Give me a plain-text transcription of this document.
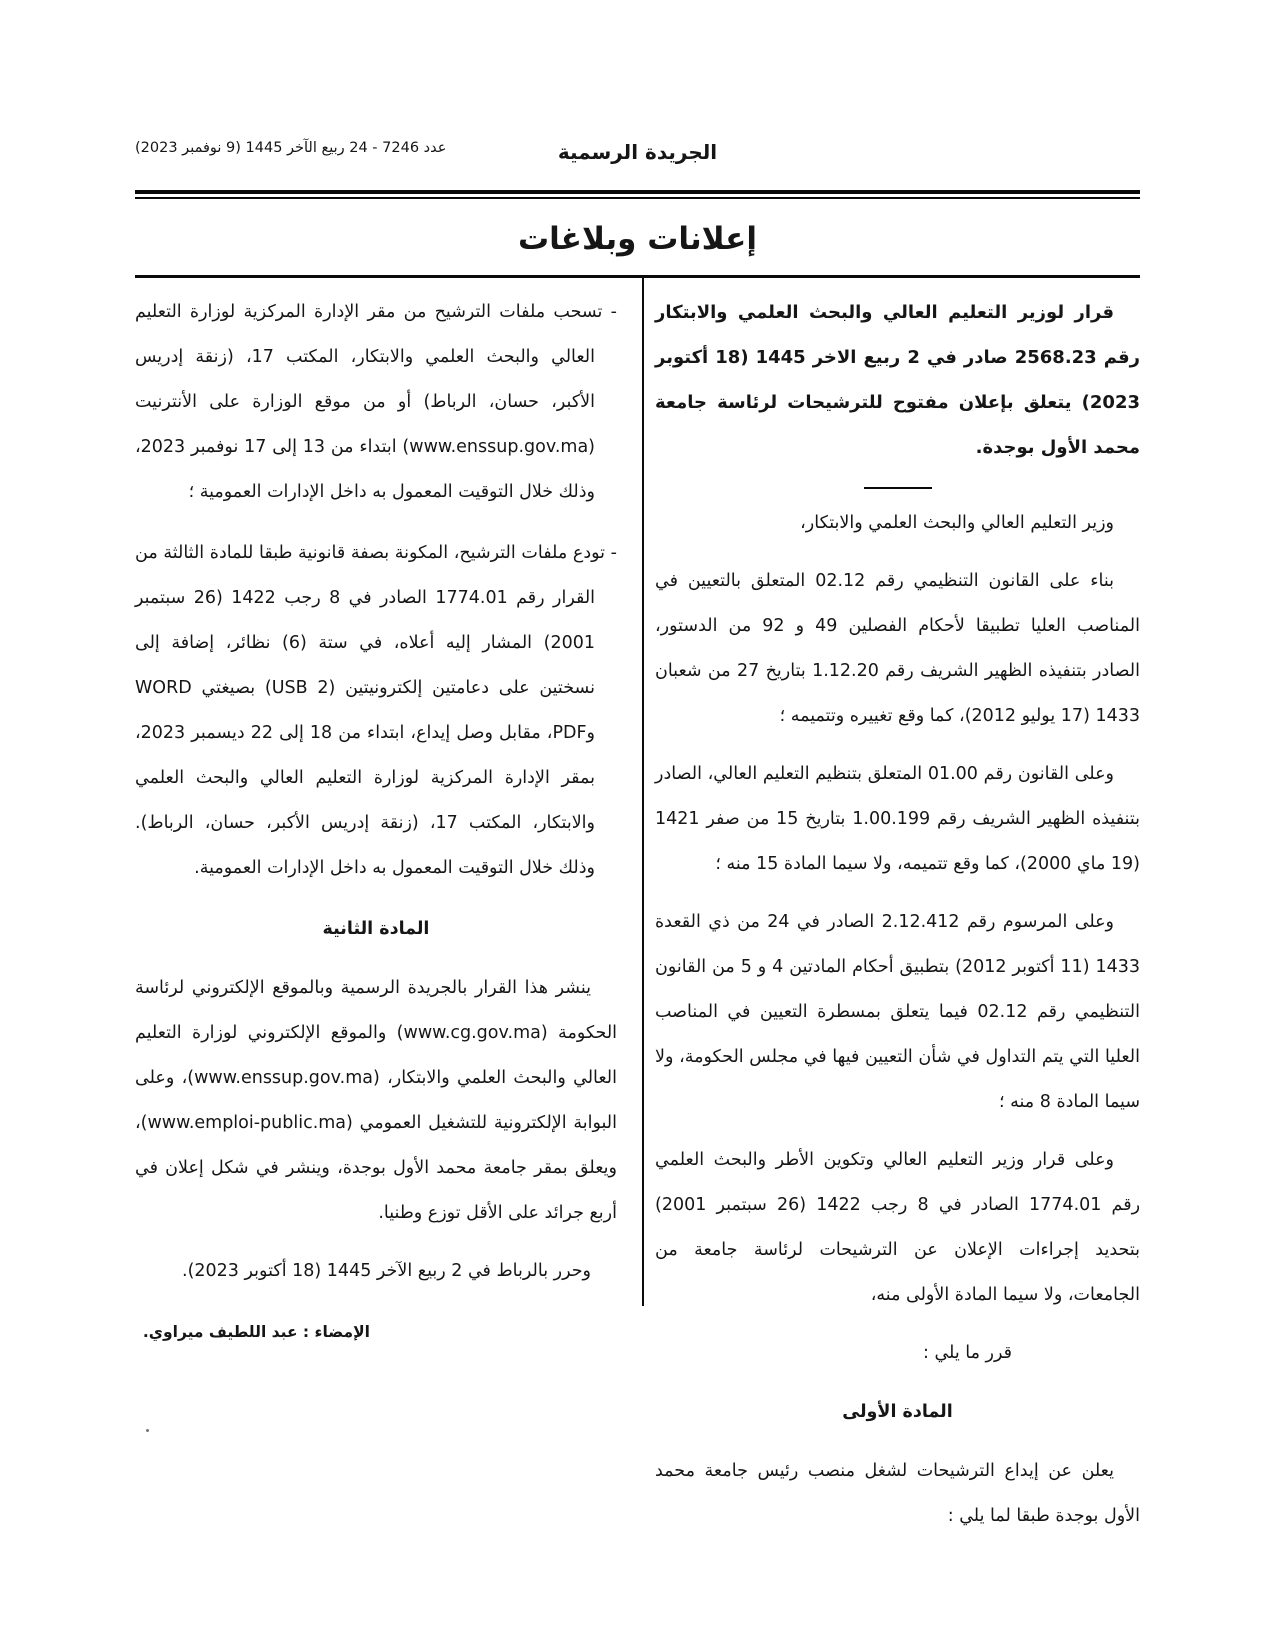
عدد 7246 - 24 ربيع الآخر 1445 (9 نوفمبر 2023)	الجريدة الرسمية
إعلانات وبلاغات

قرار لوزير التعليم العالي والبحث العلمي والابتكار رقم 2568.23 صادر في 2 ربيع الاخر 1445 (18 أكتوبر 2023) يتعلق بإعلان مفتوح للترشيحات لرئاسة جامعة محمد الأول بوجدة.

وزير التعليم العالي والبحث العلمي والابتكار،

بناء على القانون التنظيمي رقم 02.12 المتعلق بالتعيين في المناصب العليا تطبيقا لأحكام الفصلين 49 و 92 من الدستور، الصادر بتنفيذه الظهير الشريف رقم 1.12.20 بتاريخ 27 من شعبان 1433 (17 يوليو 2012)، كما وقع تغييره وتتميمه ؛

وعلى القانون رقم 01.00 المتعلق بتنظيم التعليم العالي، الصادر بتنفيذه الظهير الشريف رقم 1.00.199 بتاريخ 15 من صفر 1421 (19 ماي 2000)، كما وقع تتميمه، ولا سيما المادة 15 منه ؛

وعلى المرسوم رقم 2.12.412 الصادر في 24 من ذي القعدة 1433 (11 أكتوبر 2012) بتطبيق أحكام المادتين 4 و 5 من القانون التنظيمي رقم 02.12 فيما يتعلق بمسطرة التعيين في المناصب العليا التي يتم التداول في شأن التعيين فيها في مجلس الحكومة، ولا سيما المادة 8 منه ؛

وعلى قرار وزير التعليم العالي وتكوين الأطر والبحث العلمي رقم 1774.01 الصادر في 8 رجب 1422 (26 سبتمبر 2001) بتحديد إجراءات الإعلان عن الترشيحات لرئاسة جامعة من الجامعات، ولا سيما المادة الأولى منه،

قرر ما يلي :

المادة الأولى

يعلن عن إيداع الترشيحات لشغل منصب رئيس جامعة محمد الأول بوجدة طبقا لما يلي :

- تسحب ملفات الترشيح من مقر الإدارة المركزية لوزارة التعليم العالي والبحث العلمي والابتكار، المكتب 17، (زنقة إدريس الأكبر، حسان، الرباط) أو من موقع الوزارة على الأنترنيت (www.enssup.gov.ma) ابتداء من 13 إلى 17 نوفمبر 2023، وذلك خلال التوقيت المعمول به داخل الإدارات العمومية ؛

- تودع ملفات الترشيح، المكونة بصفة قانونية طبقا للمادة الثالثة من القرار رقم 1774.01 الصادر في 8 رجب 1422 (26 سبتمبر 2001) المشار إليه أعلاه، في ستة (6) نظائر، إضافة إلى نسختين على دعامتين إلكترونيتين (2 USB) بصيغتي WORD وPDF، مقابل وصل إيداع، ابتداء من 18 إلى 22 ديسمبر 2023، بمقر الإدارة المركزية لوزارة التعليم العالي والبحث العلمي والابتكار، المكتب 17، (زنقة إدريس الأكبر، حسان، الرباط). وذلك خلال التوقيت المعمول به داخل الإدارات العمومية.

المادة الثانية

ينشر هذا القرار بالجريدة الرسمية وبالموقع الإلكتروني لرئاسة الحكومة (www.cg.gov.ma) والموقع الإلكتروني لوزارة التعليم العالي والبحث العلمي والابتكار، (www.enssup.gov.ma)، وعلى البوابة الإلكترونية للتشغيل العمومي (www.emploi-public.ma)، ويعلق بمقر جامعة محمد الأول بوجدة، وينشر في شكل إعلان في أربع جرائد على الأقل توزع وطنيا.

وحرر بالرباط في 2 ربيع الآخر 1445 (18 أكتوبر 2023).

الإمضاء : عبد اللطيف ميراوي.
